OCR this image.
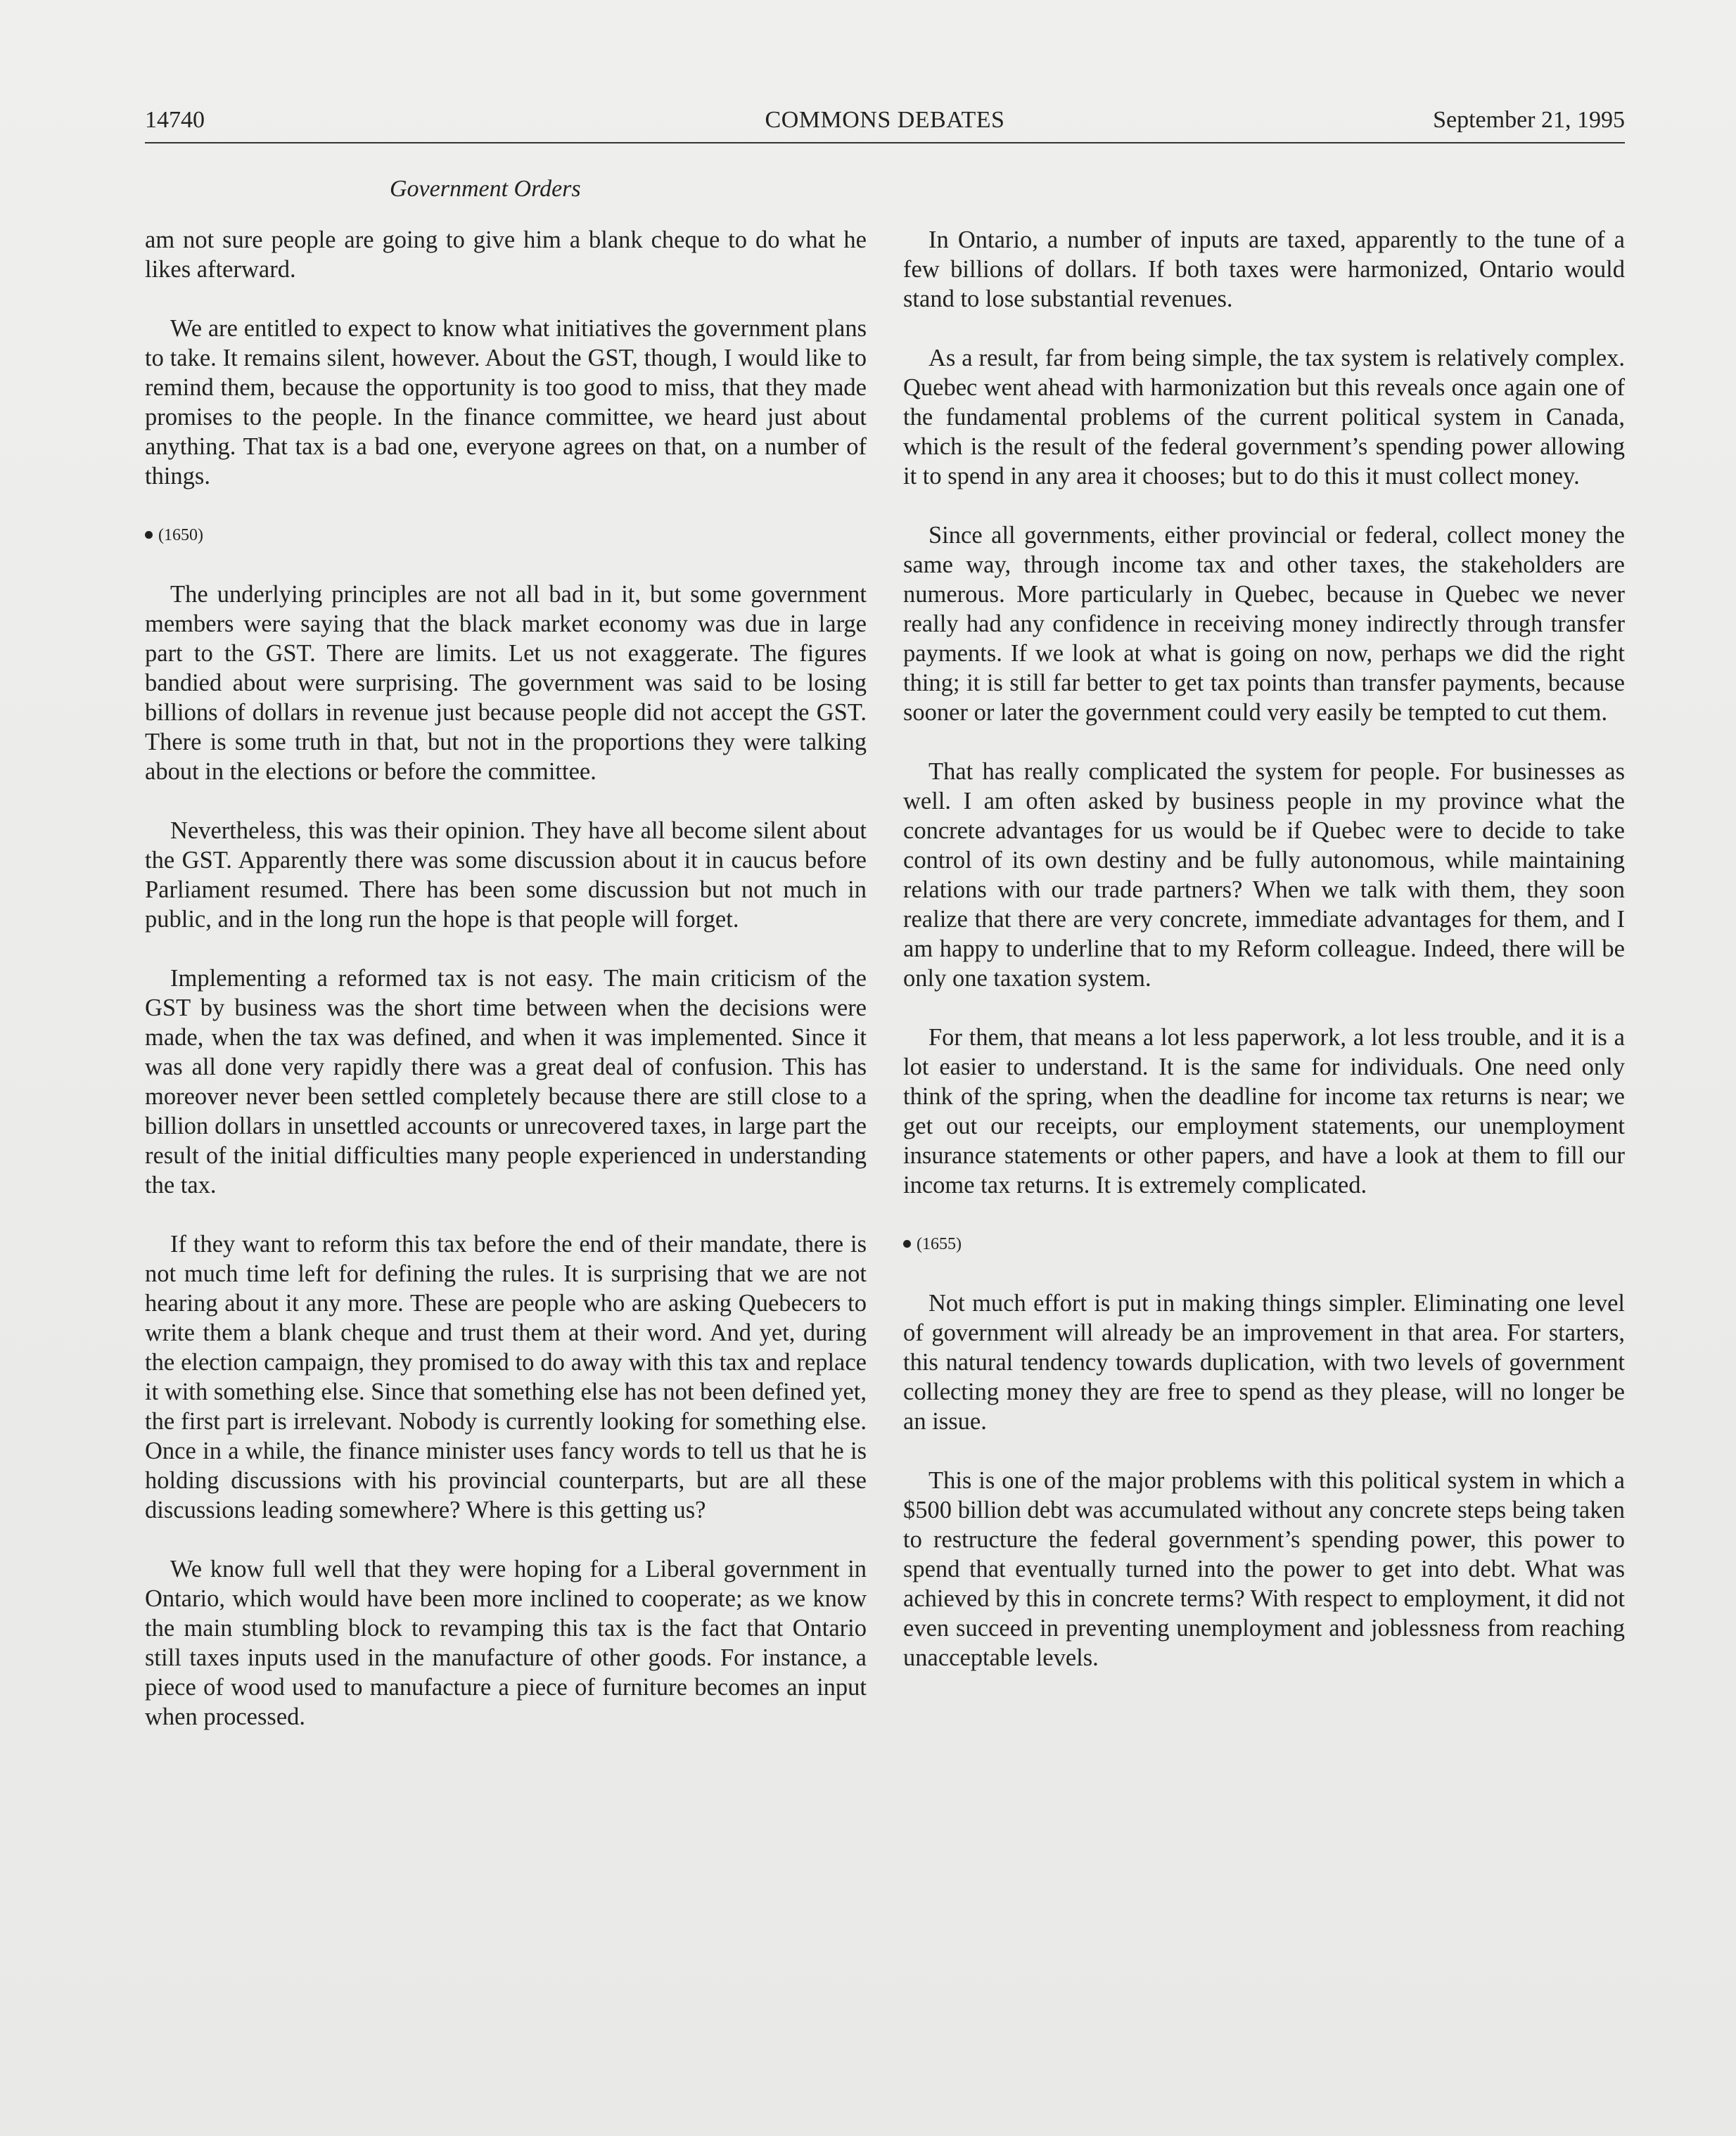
14740	COMMONS DEBATES	September 21, 1995
Government Orders

am not sure people are going to give him a blank cheque to do what he likes afterward.

We are entitled to expect to know what initiatives the government plans to take. It remains silent, however. About the GST, though, I would like to remind them, because the opportunity is too good to miss, that they made promises to the people. In the finance committee, we heard just about anything. That tax is a bad one, everyone agrees on that, on a number of things.

(1650)

The underlying principles are not all bad in it, but some government members were saying that the black market economy was due in large part to the GST. There are limits. Let us not exaggerate. The figures bandied about were surprising. The government was said to be losing billions of dollars in revenue just because people did not accept the GST. There is some truth in that, but not in the proportions they were talking about in the elections or before the committee.

Nevertheless, this was their opinion. They have all become silent about the GST. Apparently there was some discussion about it in caucus before Parliament resumed. There has been some discussion but not much in public, and in the long run the hope is that people will forget.

Implementing a reformed tax is not easy. The main criticism of the GST by business was the short time between when the decisions were made, when the tax was defined, and when it was implemented. Since it was all done very rapidly there was a great deal of confusion. This has moreover never been settled completely because there are still close to a billion dollars in unsettled accounts or unrecovered taxes, in large part the result of the initial difficulties many people experienced in understanding the tax.

If they want to reform this tax before the end of their mandate, there is not much time left for defining the rules. It is surprising that we are not hearing about it any more. These are people who are asking Quebecers to write them a blank cheque and trust them at their word. And yet, during the election campaign, they promised to do away with this tax and replace it with something else. Since that something else has not been defined yet, the first part is irrelevant. Nobody is currently looking for something else. Once in a while, the finance minister uses fancy words to tell us that he is holding discussions with his provincial counterparts, but are all these discussions leading somewhere? Where is this getting us?

We know full well that they were hoping for a Liberal government in Ontario, which would have been more inclined to cooperate; as we know the main stumbling block to revamping this tax is the fact that Ontario still taxes inputs used in the manufacture of other goods. For instance, a piece of wood used to manufacture a piece of furniture becomes an input when processed.

In Ontario, a number of inputs are taxed, apparently to the tune of a few billions of dollars. If both taxes were harmonized, Ontario would stand to lose substantial revenues.

As a result, far from being simple, the tax system is relatively complex. Quebec went ahead with harmonization but this reveals once again one of the fundamental problems of the current political system in Canada, which is the result of the federal government’s spending power allowing it to spend in any area it chooses; but to do this it must collect money.

Since all governments, either provincial or federal, collect money the same way, through income tax and other taxes, the stakeholders are numerous. More particularly in Quebec, because in Quebec we never really had any confidence in receiving money indirectly through transfer payments. If we look at what is going on now, perhaps we did the right thing; it is still far better to get tax points than transfer payments, because sooner or later the government could very easily be tempted to cut them.

That has really complicated the system for people. For businesses as well. I am often asked by business people in my province what the concrete advantages for us would be if Quebec were to decide to take control of its own destiny and be fully autonomous, while maintaining relations with our trade partners? When we talk with them, they soon realize that there are very concrete, immediate advantages for them, and I am happy to underline that to my Reform colleague. Indeed, there will be only one taxation system.

For them, that means a lot less paperwork, a lot less trouble, and it is a lot easier to understand. It is the same for individuals. One need only think of the spring, when the deadline for income tax returns is near; we get out our receipts, our employment statements, our unemployment insurance statements or other papers, and have a look at them to fill our income tax returns. It is extremely complicated.

(1655)

Not much effort is put in making things simpler. Eliminating one level of government will already be an improvement in that area. For starters, this natural tendency towards duplication, with two levels of government collecting money they are free to spend as they please, will no longer be an issue.

This is one of the major problems with this political system in which a $500 billion debt was accumulated without any concrete steps being taken to restructure the federal government’s spending power, this power to spend that eventually turned into the power to get into debt. What was achieved by this in concrete terms? With respect to employment, it did not even succeed in preventing unemployment and joblessness from reaching unacceptable levels.
